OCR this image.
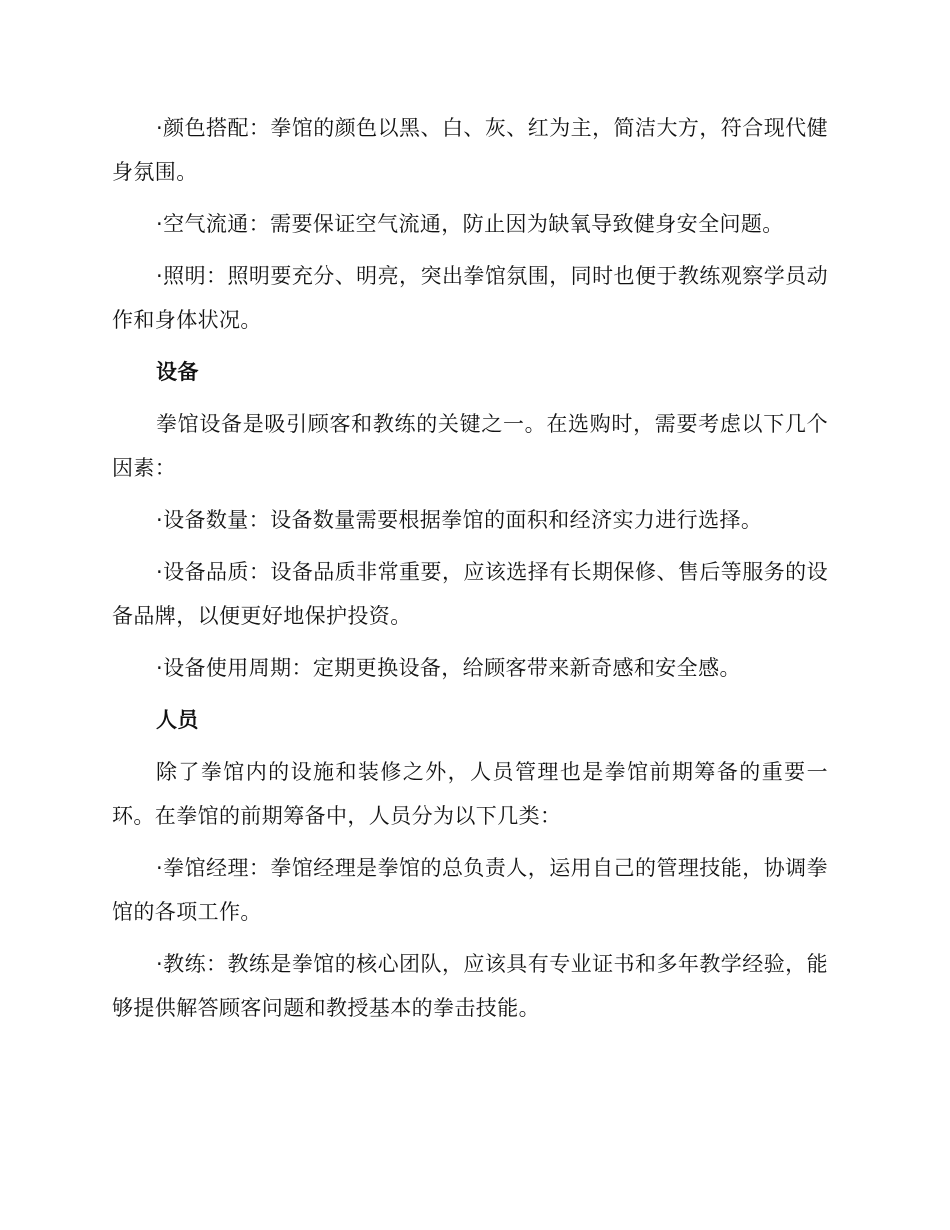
·颜色搭配：拳馆的颜色以黑、白、灰、红为主，简洁大方，符合现代健身氛围。

·空气流通：需要保证空气流通，防止因为缺氧导致健身安全问题。

·照明：照明要充分、明亮，突出拳馆氛围，同时也便于教练观察学员动作和身体状况。

设备

拳馆设备是吸引顾客和教练的关键之一。在选购时，需要考虑以下几个因素：

·设备数量：设备数量需要根据拳馆的面积和经济实力进行选择。

·设备品质：设备品质非常重要，应该选择有长期保修、售后等服务的设备品牌，以便更好地保护投资。

·设备使用周期：定期更换设备，给顾客带来新奇感和安全感。

人员

除了拳馆内的设施和装修之外，人员管理也是拳馆前期筹备的重要一环。在拳馆的前期筹备中，人员分为以下几类：

·拳馆经理：拳馆经理是拳馆的总负责人，运用自己的管理技能，协调拳馆的各项工作。

·教练：教练是拳馆的核心团队，应该具有专业证书和多年教学经验，能够提供解答顾客问题和教授基本的拳击技能。
